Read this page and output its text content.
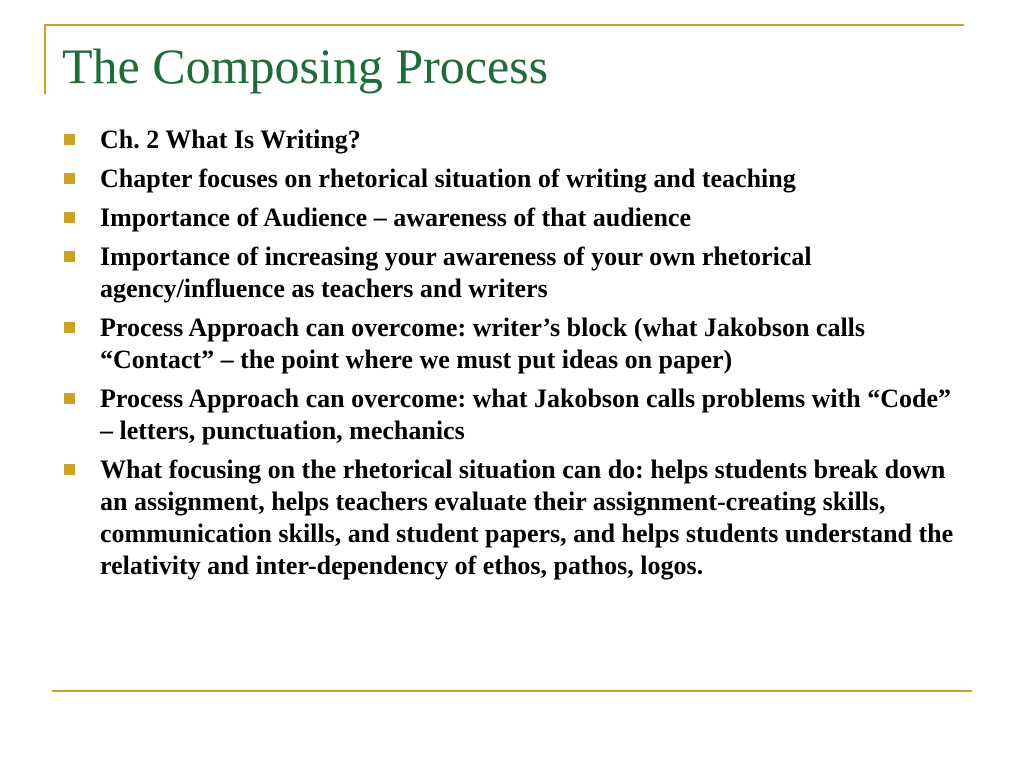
The Composing Process
Ch. 2 What Is Writing?
Chapter focuses on rhetorical situation of writing and teaching
Importance of Audience – awareness of that audience
Importance of increasing your awareness of your own rhetorical agency/influence as teachers and writers
Process Approach can overcome: writer’s block (what Jakobson calls “Contact” – the point where we must put ideas on paper)
Process Approach can overcome: what Jakobson calls problems with “Code” – letters, punctuation, mechanics
What focusing on the rhetorical situation can do: helps students break down an assignment, helps teachers evaluate their assignment-creating skills, communication skills, and student papers, and helps students understand the relativity and inter-dependency of ethos, pathos, logos.
